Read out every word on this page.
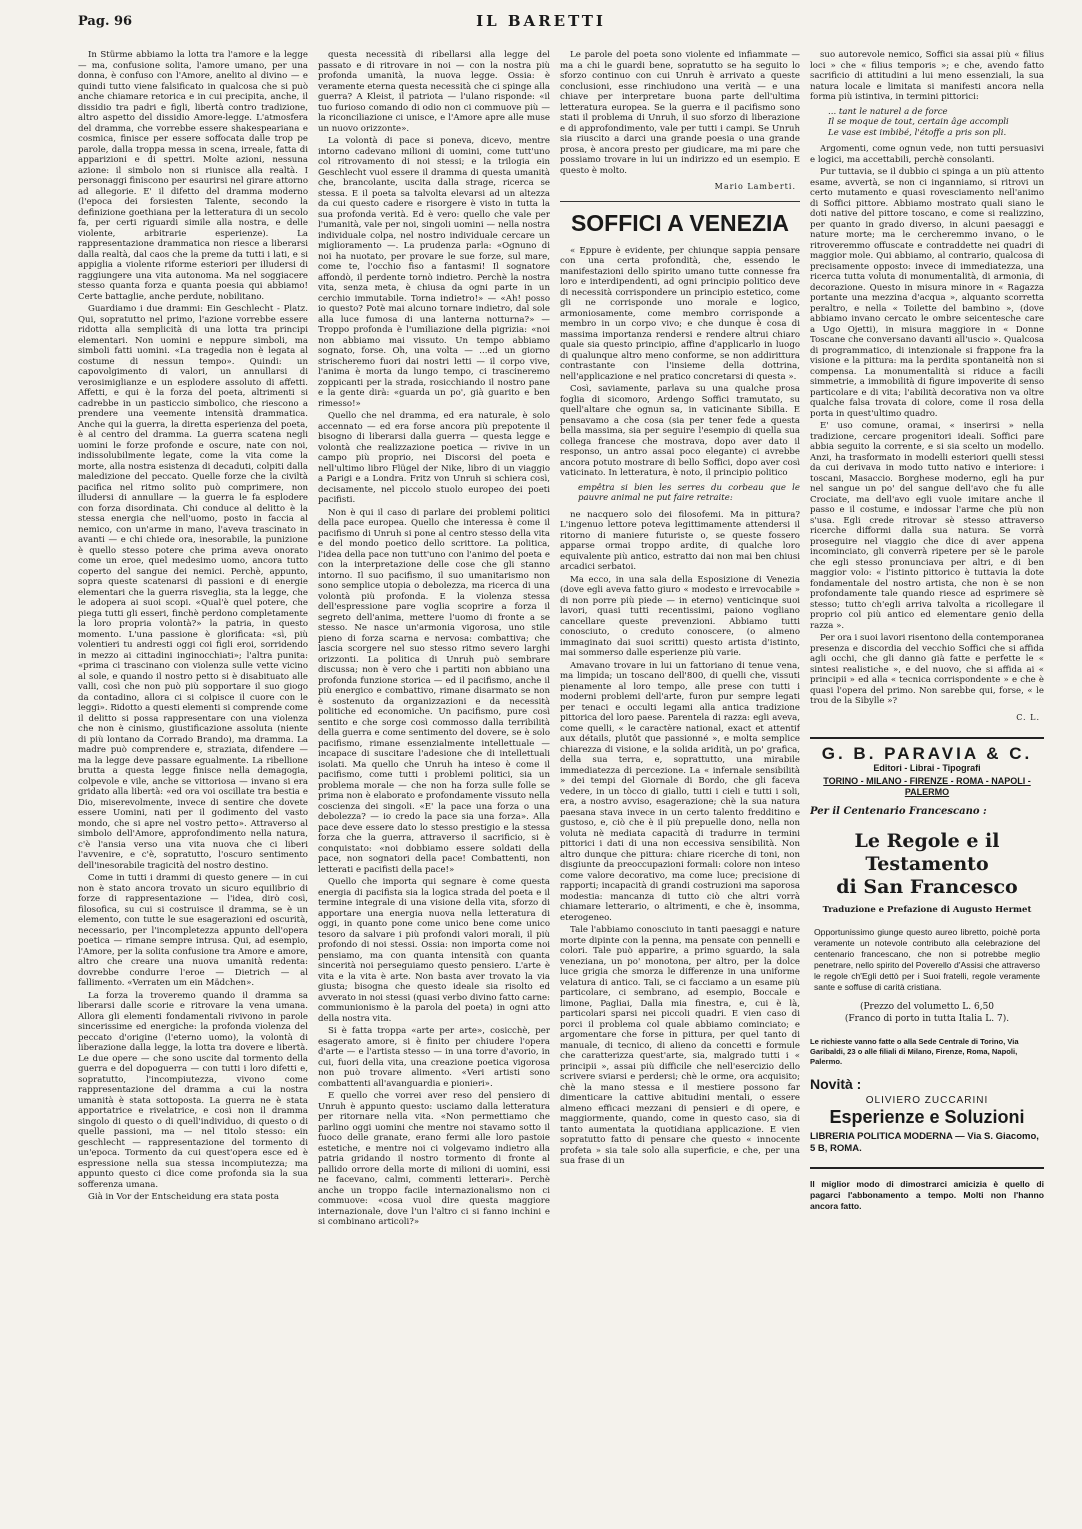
Pag. 96	IL BARETTI

In Stürme abbiamo la lotta tra l'amore e la legge — ma, confusione solita, l'amore umano, per una donna, è confuso con l'Amore, anelito al divino — e quindi tutto viene falsificato in qualcosa che si può anche chiamare retorica e in cui precipita, anche, il dissidio tra padri e figli, libertà contro tradizione, altro aspetto del dissidio Amore-legge. L'atmosfera del dramma, che vorrebbe essere shakespeariana e cosmica, finisce per essere soffocata dalle trop pe parole, dalla troppa messa in scena, irreale, fatta di apparizioni e di spettri. Molte azioni, nessuna azione: il simbolo non si riunisce alla realtà. I personaggi finiscono per esaurirsi nel girare attorno ad allegorie. E' il difetto del dramma moderno (l'epoca dei forsiesten Talente, secondo la definizione goethiana per la letteratura di un secolo fa, per certi riguardi simile alla nostra, e delle violente, arbitrarie esperienze). La rappresentazione drammatica non riesce a liberarsi dalla realtà, dal caos che la preme da tutti i lati, e si appiglia a violente riforme esteriori per illudersi di raggiungere una vita autonoma. Ma nel soggiacere stesso quanta forza e quanta poesia qui abbiamo! Certe battaglie, anche perdute, nobilitano.

Guardiamo i due drammi: Ein Geschlecht - Platz. Qui, sopratutto nel primo, l'azione vorrebbe essere ridotta alla semplicità di una lotta tra principi elementari. Non uomini e neppure simboli, ma simboli fatti uomini. «La tragedia non è legata al costume di nessun tempo». Quindi: un capovolgimento di valori, un annullarsi di verosimiglianze e un esplodere assoluto di affetti. Affetti, e qui è la forza del poeta, altrimenti si cadrebbe in un pasticcio simbolico, che riescono a prendere una veemente intensità drammatica. Anche qui la guerra, la diretta esperienza del poeta, è al centro del dramma. La guerra scatena negli uomini le forze profonde e oscure, nate con noi, indissolubilmente legate, come la vita come la morte, alla nostra esistenza di decaduti, colpiti dalla maledizione del peccato. Quelle forze che la civiltà pacifica nel ritmo solito può comprimere, non illudersi di annullare — la guerra le fa esplodere con forza disordinata. Chi conduce al delitto è la stessa energia che nell'uomo, posto in faccia al nemico, con un'arme in mano, l'aveva trascinato in avanti — e chi chiede ora, inesorabile, la punizione è quello stesso potere che prima aveva onorato come un eroe, quel medesimo uomo, ancora tutto coperto del sangue dei nemici. Perchè, appunto, sopra queste scatenarsi di passioni e di energie elementari che la guerra risveglia, sta la legge, che le adopera ai suoi scopi. «Qual'è quel potere, che piega tutti gli esseri, finchè perdono completamente la loro propria volontà?» la patria, in questo momento. L'una passione è glorificata: «sì, più volentieri tu andresti oggi coi figli eroi, sorridendo in mezzo ai cittadini inginocchiati»; l'altra punita: «prima ci trascinano con violenza sulle vette vicino al sole, e quando il nostro petto si è disabituato alle valli, così che non può più sopportare il suo giogo da contadino, allora ci si colpisce il cuore con le leggi». Ridotto a questi elementi si comprende come il delitto si possa rappresentare con una violenza che non è cinismo, giustificazione assoluta (niente di più lontano da Corrado Brando), ma dramma. La madre può comprendere e, straziata, difendere — ma la legge deve passare egualmente. La ribellione brutta a questa legge finisce nella demagogia, colpevole e vile, anche se vittoriosa — invano si era gridato alla libertà: «ed ora voi oscillate tra bestia e Dio, miserevolmente, invece di sentire che dovete essere Uomini, nati per il godimento del vasto mondo, che si apre nel vostro petto». Attraverso al simbolo dell'Amore, approfondimento nella natura, c'è l'ansia verso una vita nuova che ci liberi l'avvenire, e c'è, sopratutto, l'oscuro sentimento dell'inesorabile tragicità del nostro destino.

Come in tutti i drammi di questo genere — in cui non è stato ancora trovato un sicuro equilibrio di forze di rappresentazione — l'idea, dirò così, filosofica, su cui si costruisce il dramma, se è un elemento, con tutte le sue esagerazioni ed oscurità, necessario, per l'incompletezza appunto dell'opera poetica — rimane sempre intrusa. Qui, ad esempio, l'Amore, per la solita confusione tra Amore e amore, altro che creare una nuova umanità redenta: dovrebbe condurre l'eroe — Dietrich — al fallimento. «Verraten um ein Mädchen».

La forza la troveremo quando il dramma sa liberarsi dalle scorie e ritrovare la vena umana. Allora gli elementi fondamentali rivivono in parole sincerissime ed energiche: la profonda violenza del peccato d'origine (l'eterno uomo), la volontà di liberazione dalla legge, la lotta tra dovere e libertà. Le due opere — che sono uscite dal tormento della guerra e del dopoguerra — con tutti i loro difetti e, sopratutto, l'incompiutezza, vivono come rappresentazione del dramma a cui la nostra umanità è stata sottoposta. La guerra ne è stata apportatrice e rivelatrice, e così non il dramma singolo di questo o di quell'individuo, di questo o di quelle passioni, ma — nel titolo stesso: ein geschlecht — rappresentazione del tormento di un'epoca. Tormento da cui quest'opera esce ed è espressione nella sua stessa incompiutezza; ma appunto questo ci dice come profonda sia la sua sofferenza umana.

Già in Vor der Entscheidung era stata posta

questa necessità di ribellarsi alla legge del passato e di ritrovare in noi — con la nostra più profonda umanità, la nuova legge. Ossia: è veramente eterna questa necessità che ci spinge alla guerra? A Kleist, il patriota — l'ulano risponde: «il tuo furioso comando di odio non ci commuove più — la riconciliazione ci unisce, e l'Amore apre alle muse un nuovo orizzonte».

La volontà di pace si poneva, dicevo, mentre intorno cadevano milioni di uomini, come tutt'uno col ritrovamento di noi stessi; e la trilogia ein Geschlecht vuol essere il dramma di questa umanità che, brancolante, uscita dalla strage, ricerca se stessa. E il poeta sa talvolta elevarsi ad un altezza da cui questo cadere e risorgere è visto in tutta la sua profonda verità. Ed è vero: quello che vale per l'umanità, vale per noi, singoli uomini — nella nostra individuale colpa, nel nostro individuale cercare un miglioramento —. La prudenza parla: «Ognuno di noi ha nuotato, per provare le sue forze, sul mare, come te, l'occhio fiso a fantasmi! Il sognatore affondò, il perdente tornò indietro. Perchè la nostra vita, senza meta, è chiusa da ogni parte in un cerchio immutabile. Torna indietro!» — «Ah! posso io questo? Potè mai alcuno tornare indietro, dal sole alla luce fumosa di una lanterna notturna?» — Troppo profonda è l'umiliazione della pigrizia: «noi non abbiamo mai vissuto. Un tempo abbiamo sognato, forse. Oh, una volta — ...ed un giorno strischeremo fuori dai nostri letti — il corpo vive, l'anima è morta da lungo tempo, ci trascineremo zoppicanti per la strada, rosicchiando il nostro pane e la gente dirà: «guarda un po', già guarito e ben rimesso!»

Quello che nel dramma, ed era naturale, è solo accennato — ed era forse ancora più prepotente il bisogno di liberarsi dalla guerra — questa legge e volontà che realizzazione poetica — rivive in un campo più proprio, nei Discorsi del poeta e nell'ultimo libro Flügel der Nike, libro di un viaggio a Parigi e a Londra. Fritz von Unruh si schiera così, decisamente, nel piccolo stuolo europeo dei poeti pacifisti.

Non è qui il caso di parlare dei problemi politici della pace europea. Quello che interessa è come il pacifismo di Unruh si pone al centro stesso della vita e del mondo poetico dello scrittore. La politica, l'idea della pace non tutt'uno con l'animo del poeta e con la interpretazione delle cose che gli stanno intorno. Il suo pacifismo, il suo umanitarismo non sono semplice utopia o debolezza, ma ricerca di una volontà più profonda. E la violenza stessa dell'espressione pare voglia scoprire a forza il segreto dell'anima, mettere l'uomo di fronte a se stesso. Ne nasce un'armonia vigorosa, uno stile pieno di forza scarna e nervosa: combattiva; che lascia scorgere nel suo stesso ritmo severo larghi orizzonti. La politica di Unruh può sembrare discussa; non è vero che i partiti non abbiano una profonda funzione storica — ed il pacifismo, anche il più energico e combattivo, rimane disarmato se non è sostenuto da organizzazioni e da necessità politiche ed economiche. Un pacifismo, pure così sentito e che sorge così commosso dalla terribilità della guerra e come sentimento del dovere, se è solo pacifismo, rimane essenzialmente intellettuale — incapace di suscitare l'adesione che di intellettuali isolati. Ma quello che Unruh ha inteso è come il pacifismo, come tutti i problemi politici, sia un problema morale — che non ha forza sulle folle se prima non è elaborato e profondamente vissuto nella coscienza dei singoli. «E' la pace una forza o una debolezza? — io credo la pace sia una forza». Alla pace deve essere dato lo stesso prestigio e la stessa forza che la guerra, attraverso il sacrificio, si è conquistato: «noi dobbiamo essere soldati della pace, non sognatori della pace! Combattenti, non letterati e pacifisti della pace!»

Quello che importa qui segnare è come questa energia di pacifista sia la logica strada del poeta e il termine integrale di una visione della vita, sforzo di apportare una energia nuova nella letteratura di oggi, in quanto pone come unico bene come unico tesoro da salvare i più profondi valori morali, il più profondo di noi stessi. Ossia: non importa come noi pensiamo, ma con quanta intensità con quanta sincerità noi perseguiamo questo pensiero. L'arte è vita e la vita è arte. Non basta aver trovato la via giusta; bisogna che questo ideale sia risolto ed avverato in noi stessi (quasi verbo divino fatto carne: communionismo è la parola del poeta) in ogni atto della nostra vita.

Si è fatta troppa «arte per arte», cosicchè, per esagerato amore, si è finito per chiudere l'opera d'arte — e l'artista stesso — in una torre d'avorio, in cui, fuori della vita, una creazione poetica vigorosa non può trovare alimento. «Veri artisti sono combattenti all'avanguardia e pionieri».

E quello che vorrei aver reso del pensiero di Unruh è appunto questo: usciamo dalla letteratura per ritornare nella vita. «Non permettiamo che parlino oggi uomini che mentre noi stavamo sotto il fuoco delle granate, erano fermi alle loro pastoie estetiche, e mentre noi ci volgevamo indietro alla patria gridando il nostro tormento di fronte al pallido orrore della morte di milioni di uomini, essi ne facevano, calmi, commenti letterari». Perchè anche un troppo facile internazionalismo non ci commuove: «cosa vuol dire questa maggiore internazionale, dove l'un l'altro ci si fanno inchini e si combinano articoli?»

Le parole del poeta sono violente ed infiammate — ma a chi le guardi bene, sopratutto se ha seguito lo sforzo continuo con cui Unruh è arrivato a queste conclusioni, esse rinchiudono una verità — e una chiave per interpretare buona parte dell'ultima letteratura europea. Se la guerra e il pacifismo sono stati il problema di Unruh, il suo sforzo di liberazione e di approfondimento, vale per tutti i campi. Se Unruh sia riuscito a darci una grande poesia o una grande prosa, è ancora presto per giudicare, ma mi pare che possiamo trovare in lui un indirizzo ed un esempio. E questo è molto.

Mario Lamberti.
SOFFICI A VENEZIA

« Eppure è evidente, per chiunque sappia pensare con una certa profondità, che, essendo le manifestazioni dello spirito umano tutte connesse fra loro e interdipendenti, ad ogni principio politico deve di necessità corrispondere un principio estetico, come gli ne corrisponde uno morale e logico, armoniosamente, come membro corrisponde a membro in un corpo vivo; e che dunque è cosa di massima importanza rendersi e rendere altrui chiaro quale sia questo principio, affine d'applicarlo in luogo di qualunque altro meno conforme, se non addirittura contrastante con l'insieme della dottrina, nell'applicazione e nel pratico concretarsi di questa ».

Così, saviamente, parlava su una qualche prosa foglia di sicomoro, Ardengo Soffici tramutato, su quell'altare che ognun sa, in vaticinante Sibilla. E pensavamo a che cosa (sia per tener fede a questa bella massima, sia per seguire l'esempio di quella sua collega francese che mostrava, dopo aver dato il responso, un antro assai poco elegante) ci avrebbe ancora potuto mostrare di bello Soffici, dopo aver così vaticinato. In letteratura, è noto, il principio politico

empêtra si bien les serres du corbeau que le pauvre animal ne put faire retraite:

ne nacquero solo dei filosofemi. Ma in pittura? L'ingenuo lettore poteva legittimamente attendersi il ritorno di maniere futuriste o, se queste fossero apparse ormai troppo ardite, di qualche loro equivalente più antico, estratto dai non mai ben chiusi arcadici serbatoi.

Ma ecco, in una sala della Esposizione di Venezia (dove egli aveva fatto giuro « modesto e irrevocabile » di non porre più piede — in eterno) venticinque suoi lavori, quasi tutti recentissimi, paiono vogliano cancellare queste prevenzioni. Abbiamo tutti conosciuto, o creduto conoscere, (o almeno immaginato dai suoi scritti) questo artista d'istinto, mai sommerso dalle esperienze più varie.

Amavano trovare in lui un fattoriano di tenue vena, ma limpida; un toscano dell'800, di quelli che, vissuti pienamente al loro tempo, alle prese con tutti i moderni problemi dell'arte, furon pur sempre legati per tenaci e occulti legami alla antica tradizione pittorica del loro paese. Parentela di razza: egli aveva, come quelli, « le caractère national, exact et attentif aux détails, plutôt que passionné », e molta semplice chiarezza di visione, e la solida aridità, un po' grafica, della sua terra, e, soprattutto, una mirabile immediatezza di percezione. La « infernale sensibilità » dei tempi del Giornale di Bordo, che gli faceva vedere, in un tòcco di giallo, tutti i cieli e tutti i soli, era, a nostro avviso, esagerazione; chè la sua natura paesana stava invece in un certo talento fredditino e gustoso, e, ciò che è il più prepuelle dono, nella non voluta nè mediata capacità di tradurre in termini pittorici i dati di una non eccessiva sensibilità. Non altro dunque che pittura: chiare ricerche di toni, non disgiunte da preoccupazioni formali: colore non inteso come valore decorativo, ma come luce; precisione di rapporti; incapacità di grandi costruzioni ma saporosa modestia: mancanza di tutto ciò che altri vorrà chiamare letterario, o altrimenti, e che è, insomma, eterogeneo.

Tale l'abbiamo conosciuto in tanti paesaggi e nature morte dipinte con la penna, ma pensate con pennelli e colori. Tale può apparire, a primo sguardo, la sala veneziana, un po' monotona, per altro, per la dolce luce grigia che smorza le differenze in una uniforme velatura di antico. Tali, se ci facciamo a un esame più particolare, ci sembrano, ad esempio, Boccale e limone, Pagliai, Dalla mia finestra, e, cui è là, particolari sparsi nei piccoli quadri. E vien caso di porci il problema col quale abbiamo cominciato; e argomentare che forse in pittura, per quel tanto di manuale, di tecnico, di alieno da concetti e formule che caratterizza quest'arte, sia, malgrado tutti i « principii », assai più difficile che nell'esercizio dello scrivere sviarsi e perdersi; chè le orme, ora acquisito; chè la mano stessa e il mestiere possono far dimenticare la cattive abitudini mentali, o essere almeno efficaci mezzani di pensieri e di opere, e maggiormente, quando, come in questo caso, sia di tanto aumentata la quotidiana applicazione. E vien sopratutto fatto di pensare che questo « innocente profeta » sia tale solo alla superficie, e che, per una sua frase di un

suo autorevole nemico, Soffici sia assai più « filius loci » che « filius temporis »; e che, avendo fatto sacrificio di attitudini a lui meno essenziali, la sua natura locale e limitata si manifesti ancora nella forma più istintiva, in termini pittorici:

... tant le naturel a de force
Il se moque de tout, certain âge accompli
Le vase est imbibé, l'étoffe a pris son pli.

Argomenti, come ognun vede, non tutti persuasivi e logici, ma accettabili, perchè consolanti.

Pur tuttavia, se il dubbio ci spinga a un più attento esame, avvertà, se non ci inganniamo, si ritrovi un certo mutamento e quasi rovesciamento nell'animo di Soffici pittore. Abbiamo mostrato quali siano le doti native del pittore toscano, e come si realizzino, per quanto in grado diverso, in alcuni paesaggi e nature morte; ma le cercheremmo invano, o le ritroveremmo offuscate e contraddette nei quadri di maggior mole. Qui abbiamo, al contrario, qualcosa di precisamente opposto: invece di immediatezza, una ricerca tutta voluta di monumentalità, di armonia, di decorazione. Questo in misura minore in « Ragazza portante una mezzina d'acqua », alquanto scorretta peraltro, e nella « Toilette del bambino », (dove abbiamo invano cercato le ombre seicentesche care a Ugo Ojetti), in misura maggiore in « Donne Toscane che conversano davanti all'uscio ». Qualcosa di programmatico, di intenzionale si frappone fra la visione e la pittura: ma la perdita spontaneità non si compensa. La monumentalità si riduce a facili simmetrie, a immobilità di figure impoverite di senso particolare e di vita; l'abilità decorativa non va oltre qualche falsa trovata di colore, come il rosa della porta in quest'ultimo quadro.

E' uso comune, oramai, « inserirsi » nella tradizione, cercare progenitori ideali. Soffici pare abbia seguito la corrente, e si sia scelto un modello. Anzi, ha trasformato in modelli esteriori quelli stessi da cui derivava in modo tutto nativo e interiore: i toscani, Masaccio. Borghese moderno, egli ha pur nel sangue un po' del sangue dell'avo che fu alle Crociate, ma dell'avo egli vuole imitare anche il passo e il costume, e indossar l'arme che più non s'usa. Egli crede ritrovar sè stesso attraverso ricerche difformi dalla sua natura. Se vorrà proseguire nel viaggio che dice di aver appena incominciato, gli converrà ripetere per sè le parole che egli stesso pronunciava per altri, e di ben maggior volo: « l'istinto pittorico è tuttavia la dote fondamentale del nostro artista, che non è se non profondamente tale quando riesce ad esprimere sè stesso; tutto ch'egli arriva talvolta a ricollegare il proprio col più antico ed elementare genio della razza ».

Per ora i suoi lavori risentono della contemporanea presenza e discordia del vecchio Soffici che si affida agli occhi, che gli danno già fatte e perfette le « sintesi realistiche », e del nuovo, che si affida ai « principii » ed alla « tecnica corrispondente » e che è quasi l'opera del primo. Non sarebbe qui, forse, « le trou de la Sibylle »?

C. L.
G. B. PARAVIA & C.
Editori - Librai - Tipografi
TORINO - MILANO - FIRENZE - ROMA - NAPOLI - PALERMO
Per il Centenario Francescano :
Le Regole e il Testamento
di San Francesco
Traduzione e Prefazione di Augusto Hermet
Opportunissimo giunge questo aureo libretto, poichè porta veramente un notevole contributo alla celebrazione del centenario francescano, che non si potrebbe meglio penetrare, nello spirito del Poverello d'Assisi che attraverso le regole ch'Egli dettò per i Suoi fratelli, regole veramente sante e soffuse di carità cristiana.
(Prezzo del volumetto L. 6,50
(Franco di porto in tutta Italia L. 7).
Le richieste vanno fatte o alla Sede Centrale di Torino, Via Garibaldi, 23 o alle filiali di Milano, Firenze, Roma, Napoli, Palermo.
Novità :
OLIVIERO ZUCCARINI
Esperienze e Soluzioni
LIBRERIA POLITICA MODERNA — Via S. Giacomo, 5 B, ROMA.
Il miglior modo di dimostrarci amicizia è quello di pagarci l'abbonamento a tempo. Molti non l'hanno ancora fatto.
